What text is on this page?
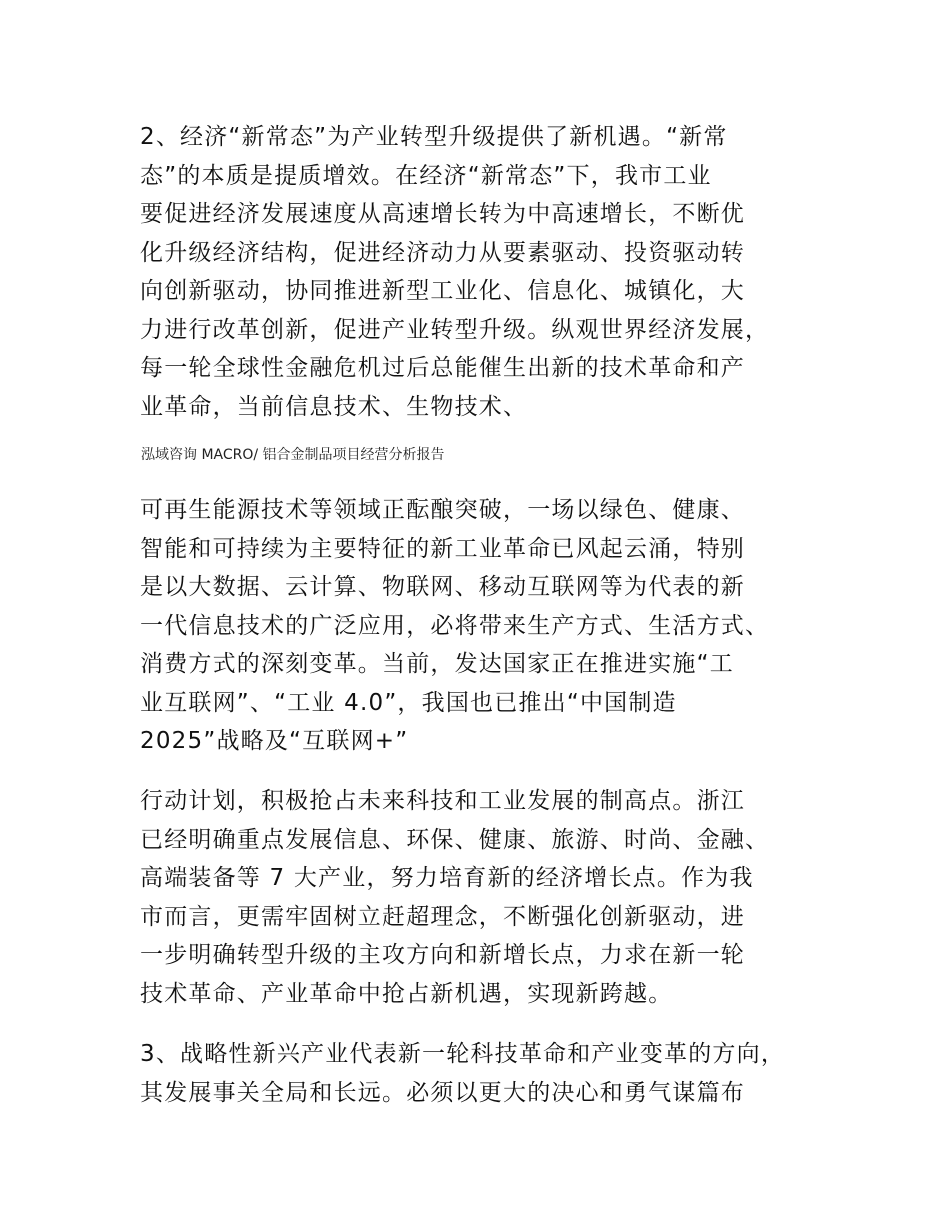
2、经济“新常态”为产业转型升级提供了新机遇。“新常
态”的本质是提质增效。在经济“新常态”下，我市工业
要促进经济发展速度从高速增长转为中高速增长，不断优
化升级经济结构，促进经济动力从要素驱动、投资驱动转
向创新驱动，协同推进新型工业化、信息化、城镇化，大
力进行改革创新，促进产业转型升级。纵观世界经济发展，
每一轮全球性金融危机过后总能催生出新的技术革命和产
业革命，当前信息技术、生物技术、
泓域咨询 MACRO/ 铝合金制品项目经营分析报告
可再生能源技术等领域正酝酿突破，一场以绿色、健康、
智能和可持续为主要特征的新工业革命已风起云涌，特别
是以大数据、云计算、物联网、移动互联网等为代表的新
一代信息技术的广泛应用，必将带来生产方式、生活方式、
消费方式的深刻变革。当前，发达国家正在推进实施“工
业互联网”、“工业 4.0”，我国也已推出“中国制造
2025”战略及“互联网+”
行动计划，积极抢占未来科技和工业发展的制高点。浙江
已经明确重点发展信息、环保、健康、旅游、时尚、金融、
高端装备等 7 大产业，努力培育新的经济增长点。作为我
市而言，更需牢固树立赶超理念，不断强化创新驱动，进
一步明确转型升级的主攻方向和新增长点，力求在新一轮
技术革命、产业革命中抢占新机遇，实现新跨越。
3、战略性新兴产业代表新一轮科技革命和产业变革的方向，
其发展事关全局和长远。必须以更大的决心和勇气谋篇布
